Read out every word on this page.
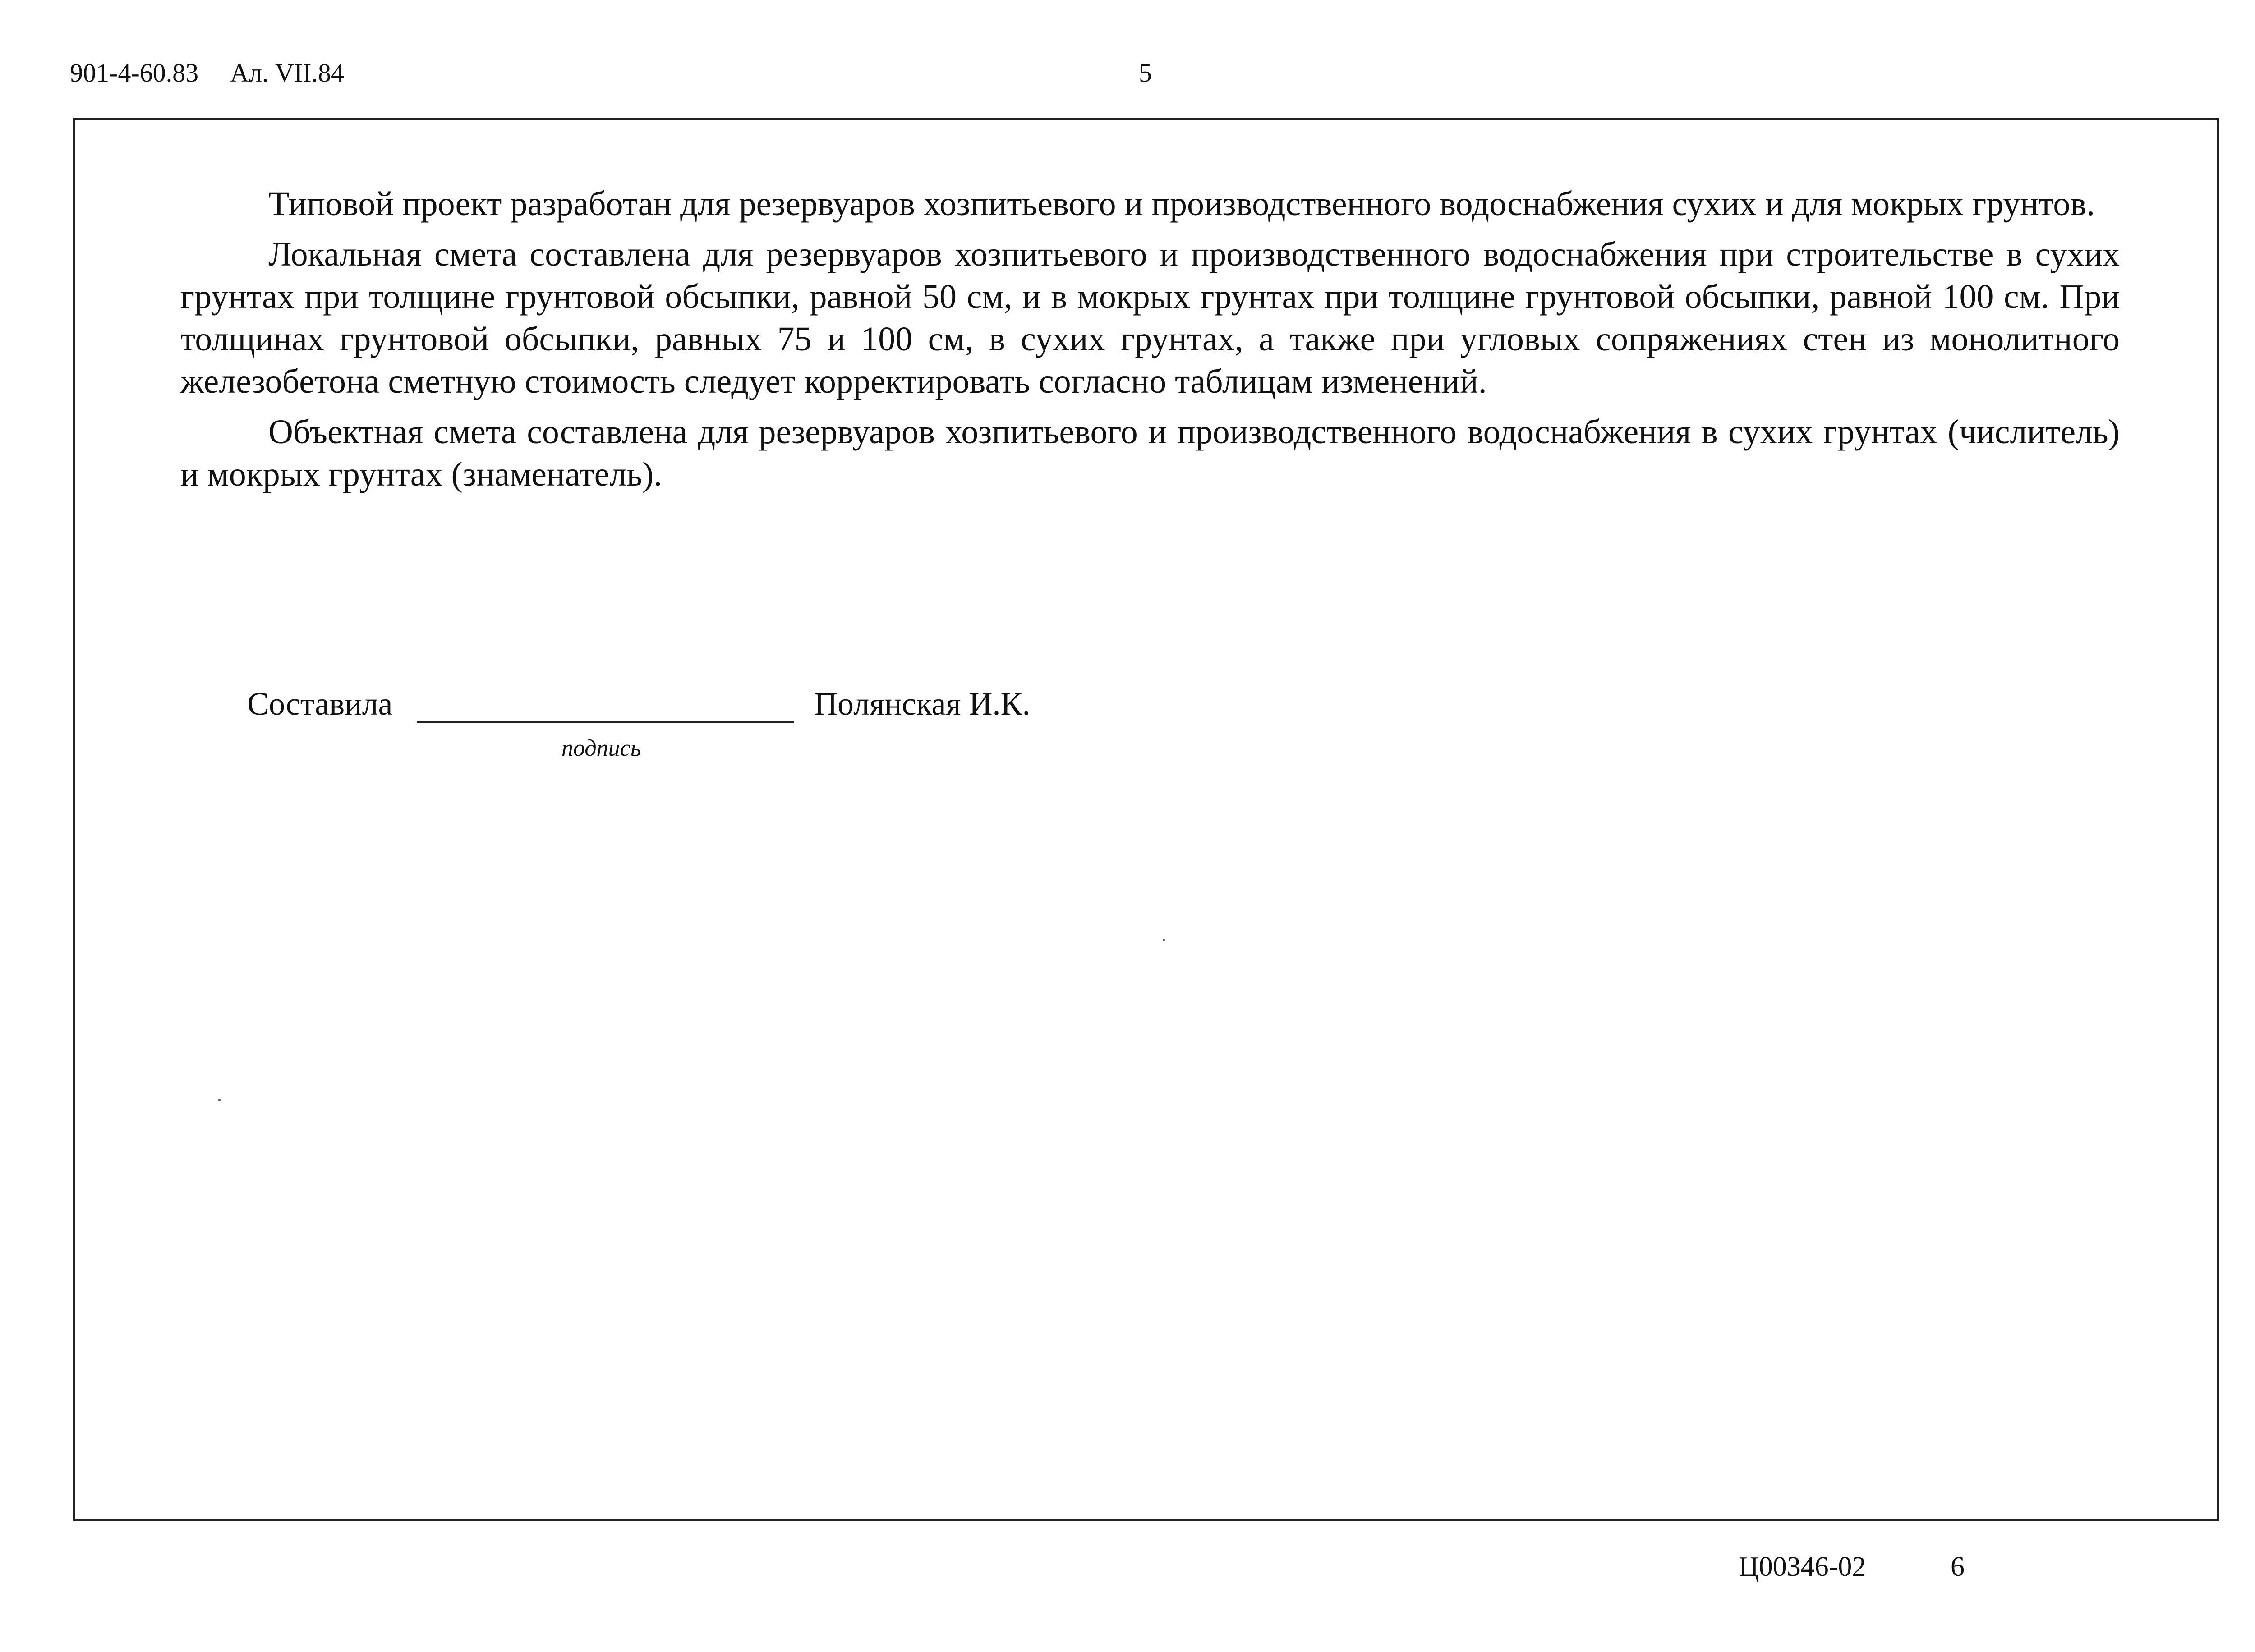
901-4-60.83 Ал. VII.84	5

Типовой проект разработан для резервуаров хозпитьевого и производственного водоснабжения сухих и для мокрых грунтов.

Локальная смета составлена для резервуаров хозпитьевого и производственного водоснабжения при строительстве в сухих грунтах при толщине грунтовой обсыпки, равной 50 см, и в мокрых грунтах при толщине грунтовой обсыпки, равной 100 см. При толщинах грунтовой обсыпки, равных 75 и 100 см, в сухих грунтах, а также при угловых сопряжениях стен из монолитного железобетона сметную стоимость следует корректировать согласно таблицам изменений.

Объектная смета составлена для резервуаров хозпитьевого и производственного водоснабжения в сухих грунтах (числитель) и мокрых грунтах (знаменатель).

Составила	Полянская И.К.
подпись
Ц00346-02	6
